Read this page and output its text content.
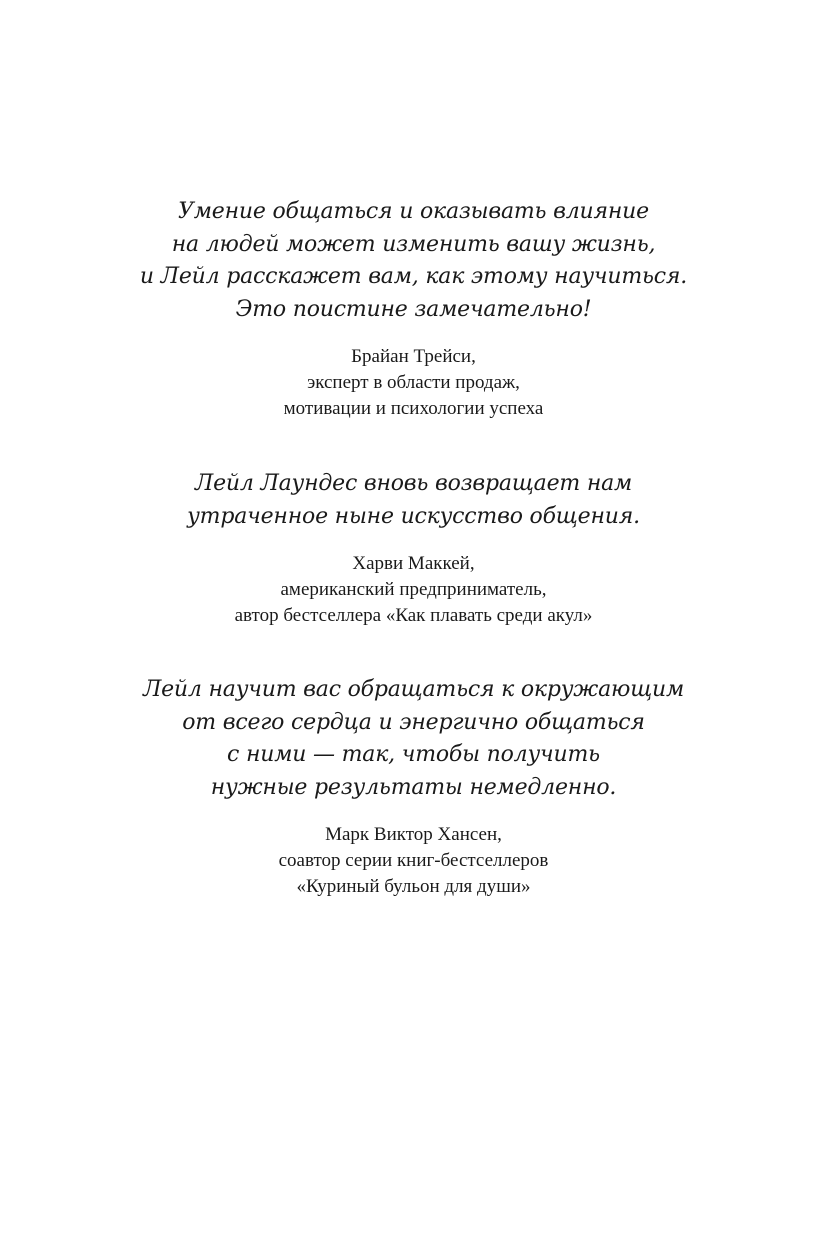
Умение общаться и оказывать влияние
на людей может изменить вашу жизнь,
и Лейл расскажет вам, как этому научиться.
Это поистине замечательно!
Брайан Трейси,
эксперт в области продаж,
мотивации и психологии успеха
Лейл Лаундес вновь возвращает нам
утраченное ныне искусство общения.
Харви Маккей,
американский предприниматель,
автор бестселлера «Как плавать среди акул»
Лейл научит вас обращаться к окружающим
от всего сердца и энергично общаться
с ними — так, чтобы получить
нужные результаты немедленно.
Марк Виктор Хансен,
соавтор серии книг-бестселлеров
«Куриный бульон для души»
